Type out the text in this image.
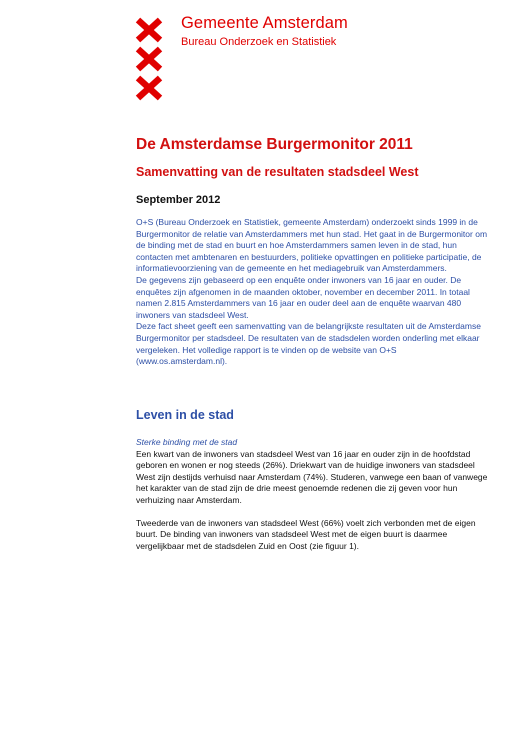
Gemeente Amsterdam
Bureau Onderzoek en Statistiek
De Amsterdamse Burgermonitor 2011
Samenvatting van de resultaten stadsdeel West
September 2012

O+S (Bureau Onderzoek en Statistiek, gemeente Amsterdam) onderzoekt sinds 1999 in de Burgermonitor de relatie van Amsterdammers met hun stad. Het gaat in de Burgermonitor om de binding met de stad en buurt en hoe Amsterdammers samen leven in de stad, hun contacten met ambtenaren en bestuurders, politieke opvattingen en politieke participatie, de informatievoorziening van de gemeente en het mediagebruik van Amsterdammers.

De gegevens zijn gebaseerd op een enquête onder inwoners van 16 jaar en ouder. De enquêtes zijn afgenomen in de maanden oktober, november en december 2011. In totaal namen 2.815 Amsterdammers van 16 jaar en ouder deel aan de enquête waarvan 480 inwoners van stadsdeel West.

Deze fact sheet geeft een samenvatting van de belangrijkste resultaten uit de Amsterdamse Burgermonitor per stadsdeel. De resultaten van de stadsdelen worden onderling met elkaar vergeleken. Het volledige rapport is te vinden op de website van O+S (www.os.amsterdam.nl).

Leven in de stad

Sterke binding met de stad

Een kwart van de inwoners van stadsdeel West van 16 jaar en ouder zijn in de hoofdstad geboren en wonen er nog steeds (26%). Driekwart van de huidige inwoners van stadsdeel West zijn destijds verhuisd naar Amsterdam (74%). Studeren, vanwege een baan of vanwege het karakter van de stad zijn de drie meest genoemde redenen die zij geven voor hun verhuizing naar Amsterdam.

Tweederde van de inwoners van stadsdeel West (66%) voelt zich verbonden met de eigen buurt. De binding van inwoners van stadsdeel West met de eigen buurt is daarmee vergelijkbaar met de stadsdelen Zuid en Oost (zie figuur 1).
